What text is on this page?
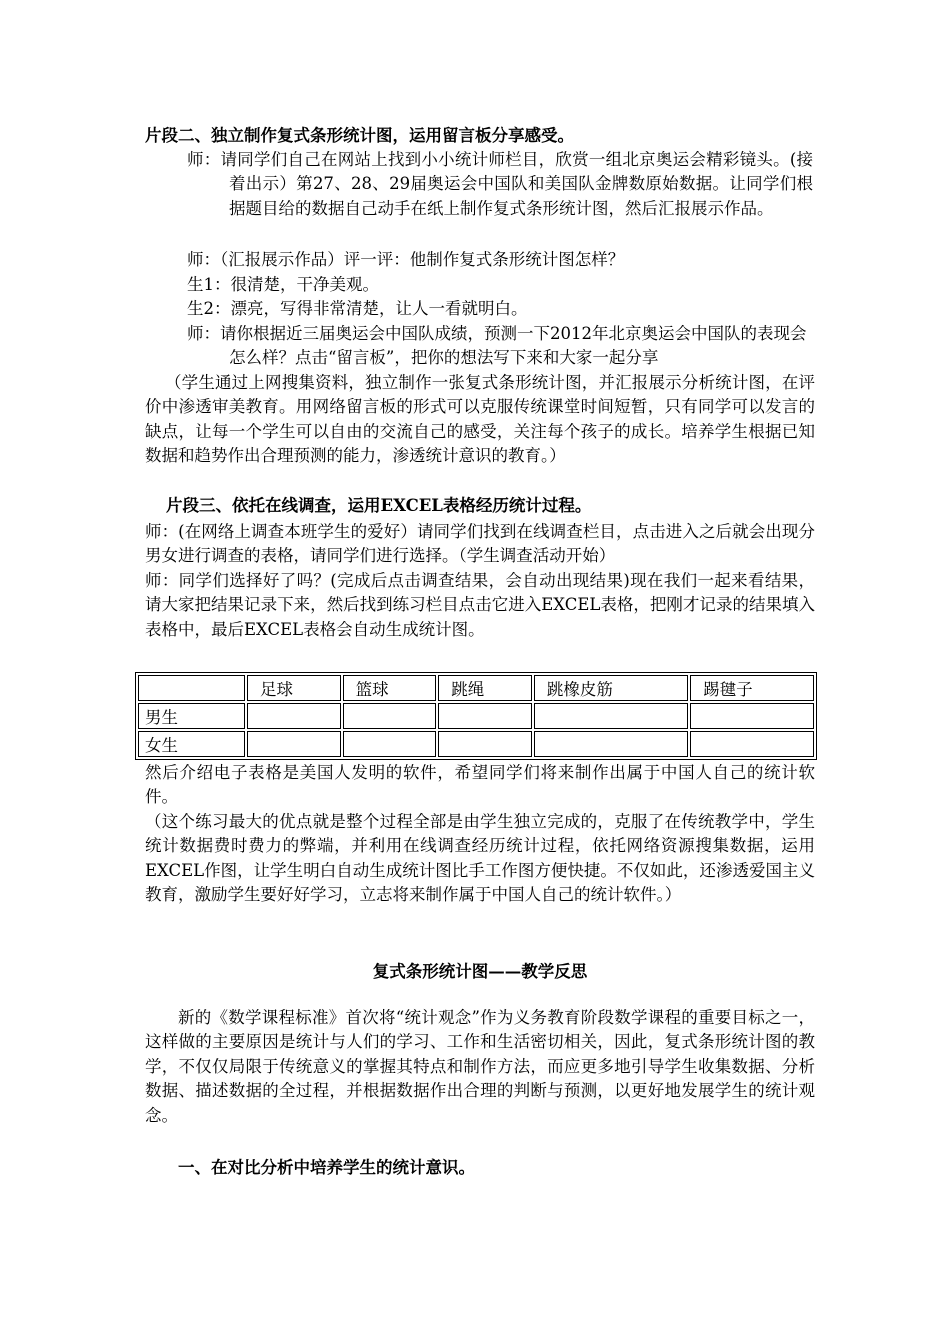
片段二、独立制作复式条形统计图，运用留言板分享感受。

师：请同学们自己在网站上找到小小统计师栏目，欣赏一组北京奥运会精彩镜头。(接着出示）第27、28、29届奥运会中国队和美国队金牌数原始数据。让同学们根据题目给的数据自己动手在纸上制作复式条形统计图，然后汇报展示作品。

师：（汇报展示作品）评一评：他制作复式条形统计图怎样？

生1：很清楚，干净美观。

生2：漂亮，写得非常清楚，让人一看就明白。

师：请你根据近三届奥运会中国队成绩，预测一下2012年北京奥运会中国队的表现会怎么样？点击“留言板”，把你的想法写下来和大家一起分享

（学生通过上网搜集资料，独立制作一张复式条形统计图，并汇报展示分析统计图，在评价中渗透审美教育。用网络留言板的形式可以克服传统课堂时间短暂，只有同学可以发言的缺点，让每一个学生可以自由的交流自己的感受，关注每个孩子的成长。培养学生根据已知数据和趋势作出合理预测的能力，渗透统计意识的教育。）

片段三、依托在线调查，运用EXCEL表格经历统计过程。

师：(在网络上调查本班学生的爱好）请同学们找到在线调查栏目，点击进入之后就会出现分男女进行调查的表格，请同学们进行选择。（学生调查活动开始）

师：同学们选择好了吗？(完成后点击调查结果，会自动出现结果)现在我们一起来看结果，请大家把结果记录下来，然后找到练习栏目点击它进入EXCEL表格，把刚才记录的结果填入表格中，最后EXCEL表格会自动生成统计图。

	足球	篮球	跳绳	跳橡皮筋	踢毽子
男生					
女生					

然后介绍电子表格是美国人发明的软件，希望同学们将来制作出属于中国人自己的统计软件。

（这个练习最大的优点就是整个过程全部是由学生独立完成的，克服了在传统教学中，学生统计数据费时费力的弊端，并利用在线调查经历统计过程，依托网络资源搜集数据，运用EXCEL作图，让学生明白自动生成统计图比手工作图方便快捷。不仅如此，还渗透爱国主义教育，激励学生要好好学习，立志将来制作属于中国人自己的统计软件。）

复式条形统计图——教学反思

新的《数学课程标准》首次将“统计观念”作为义务教育阶段数学课程的重要目标之一，这样做的主要原因是统计与人们的学习、工作和生活密切相关，因此，复式条形统计图的教学，不仅仅局限于传统意义的掌握其特点和制作方法，而应更多地引导学生收集数据、分析数据、描述数据的全过程，并根据数据作出合理的判断与预测，以更好地发展学生的统计观念。

一、在对比分析中培养学生的统计意识。
